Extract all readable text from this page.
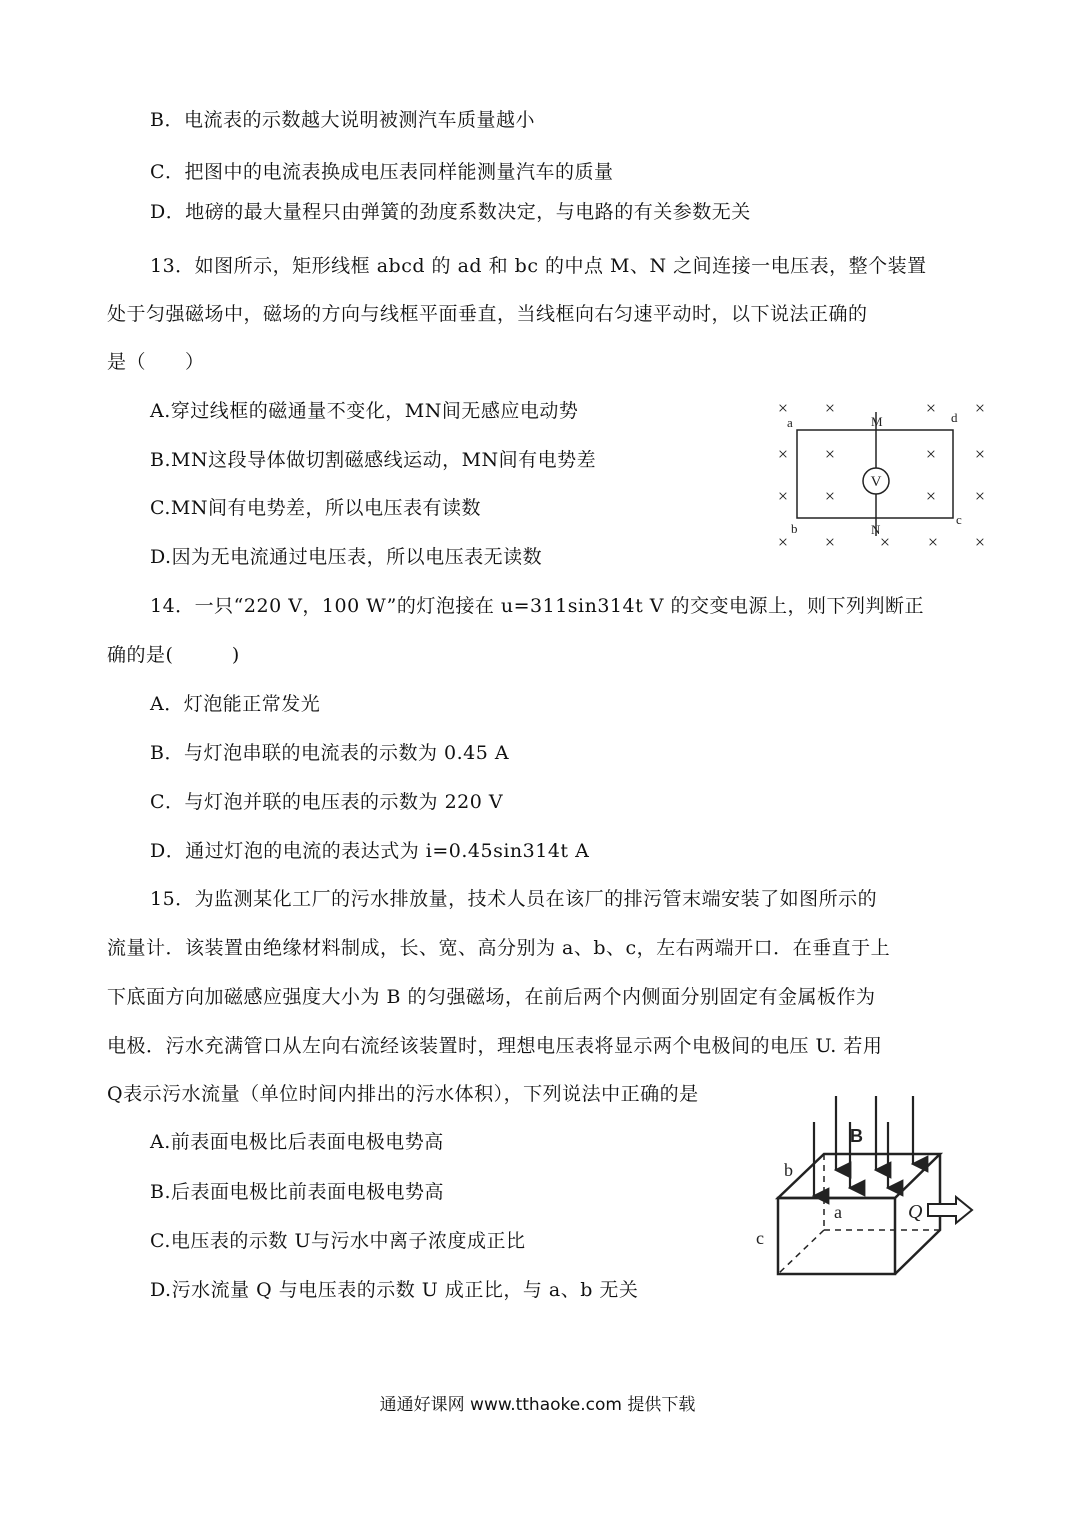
B．电流表的示数越大说明被测汽车质量越小
C．把图中的电流表换成电压表同样能测量汽车的质量
D．地磅的最大量程只由弹簧的劲度系数决定，与电路的有关参数无关
13．如图所示，矩形线框 abcd 的 ad 和 bc 的中点 M、N 之间连接一电压表，整个装置
处于匀强磁场中，磁场的方向与线框平面垂直，当线框向右匀速平动时，以下说法正确的
是（　　）
A.穿过线框的磁通量不变化，MN间无感应电动势
B.MN这段导体做切割磁感线运动，MN间有电势差
C.MN间有电势差，所以电压表有读数
D.因为无电流通过电压表，所以电压表无读数
× ×	× ×
× ×	× ×
× ×	× ×
× × × × ×
V
a	d
b
c
M
N
14．一只“220 V，100 W”的灯泡接在 u=311sin314t V 的交变电源上，则下列判断正
确的是(　　　)
A．灯泡能正常发光
B．与灯泡串联的电流表的示数为 0.45 A
C．与灯泡并联的电压表的示数为 220 V
D．通过灯泡的电流的表达式为 i=0.45sin314t A
15．为监测某化工厂的污水排放量，技术人员在该厂的排污管末端安装了如图所示的
流量计．该装置由绝缘材料制成，长、宽、高分别为 a、b、c，左右两端开口．在垂直于上
下底面方向加磁感应强度大小为 B 的匀强磁场，在前后两个内侧面分别固定有金属板作为
电极．污水充满管口从左向右流经该装置时，理想电压表将显示两个电极间的电压 U. 若用
Q表示污水流量（单位时间内排出的污水体积），下列说法中正确的是
A.前表面电极比后表面电极电势高
B.后表面电极比前表面电极电势高
C.电压表的示数 U与污水中离子浓度成正比
D.污水流量 Q 与电压表的示数 U 成正比，与 a、b 无关
b
B
a
c
Q
通通好课网 www.tthaoke.com 提供下载
